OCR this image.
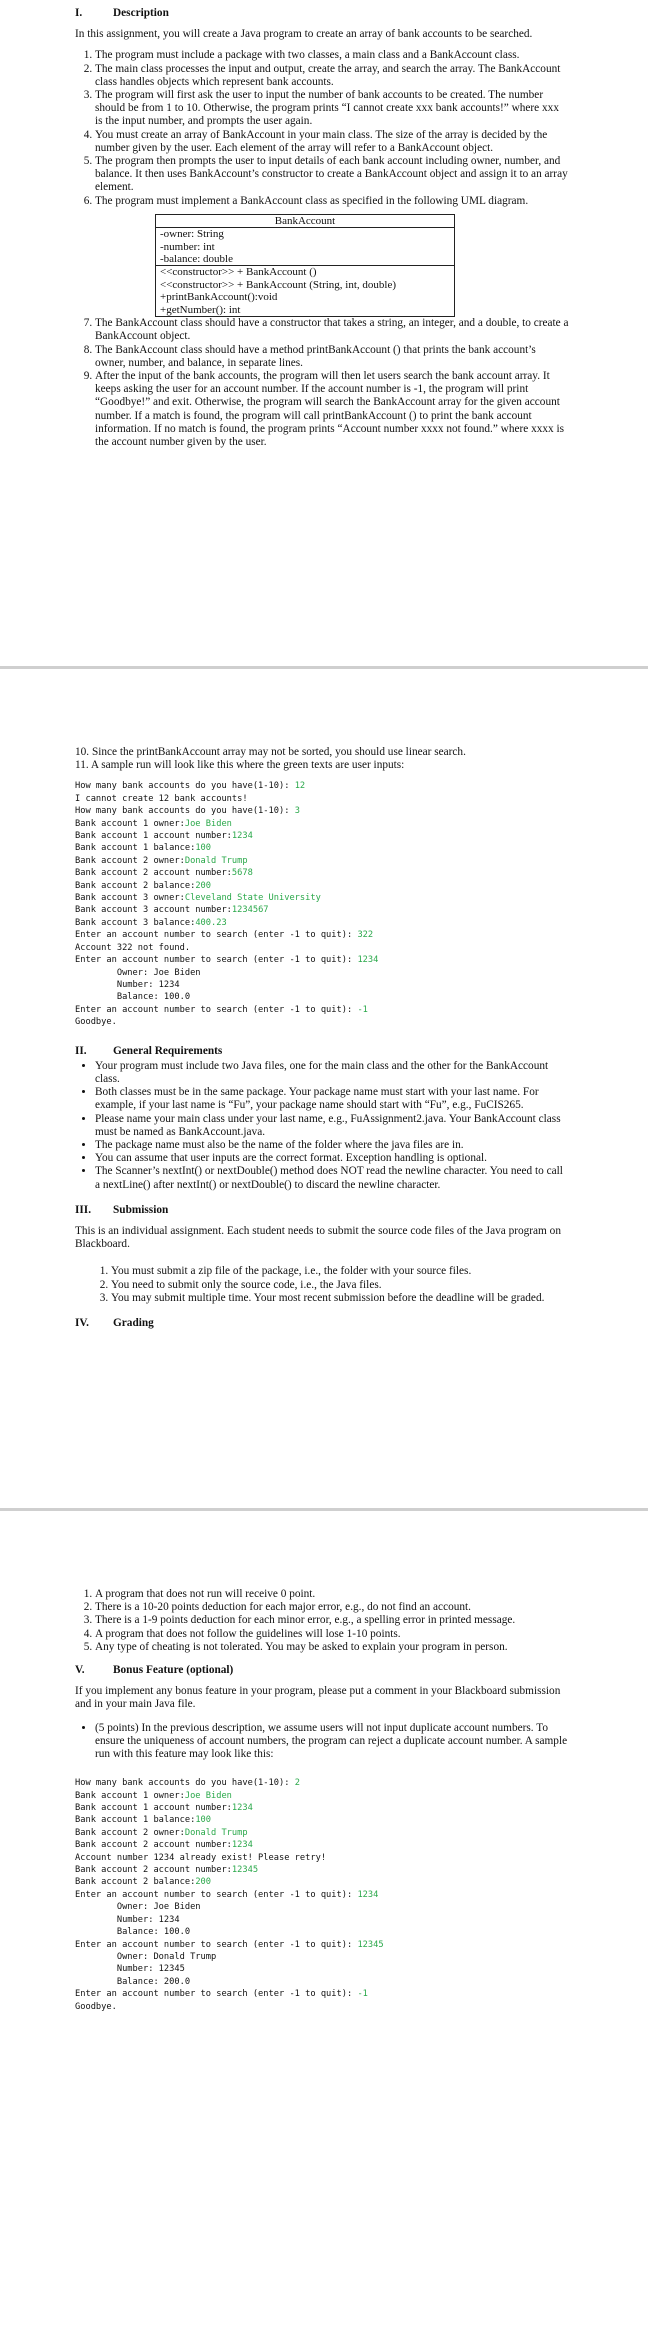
I.	Description

In this assignment, you will create a Java program to create an array of bank accounts to be searched.

1. The program must include a package with two classes, a main class and a BankAccount class.
2. The main class processes the input and output, create the array, and search the array. The BankAccount class handles objects which represent bank accounts.
3. The program will first ask the user to input the number of bank accounts to be created. The number should be from 1 to 10. Otherwise, the program prints “I cannot create xxx bank accounts!” where xxx is the input number, and prompts the user again.
4. You must create an array of BankAccount in your main class. The size of the array is decided by the number given by the user. Each element of the array will refer to a BankAccount object.
5. The program then prompts the user to input details of each bank account including owner, number, and balance. It then uses BankAccount’s constructor to create a BankAccount object and assign it to an array element.
6. The program must implement a BankAccount class as specified in the following UML diagram.
BankAccount

-owner: String
-number: int
-balance: double

<<constructor>> + BankAccount ()
<<constructor>> + BankAccount (String, int, double)
+printBankAccount():void
+getNumber(): int
7. The BankAccount class should have a constructor that takes a string, an integer, and a double, to create a BankAccount object.
8. The BankAccount class should have a method printBankAccount () that prints the bank account’s owner, number, and balance, in separate lines.
9. After the input of the bank accounts, the program will then let users search the bank account array. It keeps asking the user for an account number. If the account number is -1, the program will print “Goodbye!” and exit. Otherwise, the program will search the BankAccount array for the given account number. If a match is found, the program will call printBankAccount () to print the bank account information. If no match is found, the program prints “Account number xxxx not found.” where xxxx is the account number given by the user.
10. Since the printBankAccount array may not be sorted, you should use linear search.
11. A sample run will look like this where the green texts are user inputs:
How many bank accounts do you have(1-10): 12
I cannot create 12 bank accounts!
How many bank accounts do you have(1-10): 3
Bank account 1 owner:Joe Biden
Bank account 1 account number:1234
Bank account 1 balance:100
Bank account 2 owner:Donald Trump
Bank account 2 account number:5678
Bank account 2 balance:200
Bank account 3 owner:Cleveland State University
Bank account 3 account number:1234567
Bank account 3 balance:400.23
Enter an account number to search (enter -1 to quit): 322
Account 322 not found.
Enter an account number to search (enter -1 to quit): 1234
Owner: Joe Biden
Number: 1234
Balance: 100.0
Enter an account number to search (enter -1 to quit): -1
Goodbye.
II.	General Requirements
• Your program must include two Java files, one for the main class and the other for the BankAccount class.
• Both classes must be in the same package. Your package name must start with your last name. For example, if your last name is “Fu”, your package name should start with “Fu”, e.g., FuCIS265.
• Please name your main class under your last name, e.g., FuAssignment2.java. Your BankAccount class must be named as BankAccount.java.
• The package name must also be the name of the folder where the java files are in.
• You can assume that user inputs are the correct format. Exception handling is optional.
• The Scanner’s nextInt() or nextDouble() method does NOT read the newline character. You need to call a nextLine() after nextInt() or nextDouble() to discard the newline character.
III.	Submission

This is an individual assignment. Each student needs to submit the source code files of the Java program on Blackboard.

1. You must submit a zip file of the package, i.e., the folder with your source files.
2. You need to submit only the source code, i.e., the Java files.
3. You may submit multiple time. Your most recent submission before the deadline will be graded.
IV.	Grading
1. A program that does not run will receive 0 point.
2. There is a 10-20 points deduction for each major error, e.g., do not find an account.
3. There is a 1-9 points deduction for each minor error, e.g., a spelling error in printed message.
4. A program that does not follow the guidelines will lose 1-10 points.
5. Any type of cheating is not tolerated. You may be asked to explain your program in person.
V.	Bonus Feature (optional)

If you implement any bonus feature in your program, please put a comment in your Blackboard submission and in your main Java file.

• (5 points) In the previous description, we assume users will not input duplicate account numbers. To ensure the uniqueness of account numbers, the program can reject a duplicate account number. A sample run with this feature may look like this:
How many bank accounts do you have(1-10): 2
Bank account 1 owner:Joe Biden
Bank account 1 account number:1234
Bank account 1 balance:100
Bank account 2 owner:Donald Trump
Bank account 2 account number:1234
Account number 1234 already exist! Please retry!
Bank account 2 account number:12345
Bank account 2 balance:200
Enter an account number to search (enter -1 to quit): 1234
Owner: Joe Biden
Number: 1234
Balance: 100.0
Enter an account number to search (enter -1 to quit): 12345
Owner: Donald Trump
Number: 12345
Balance: 200.0
Enter an account number to search (enter -1 to quit): -1
Goodbye.
